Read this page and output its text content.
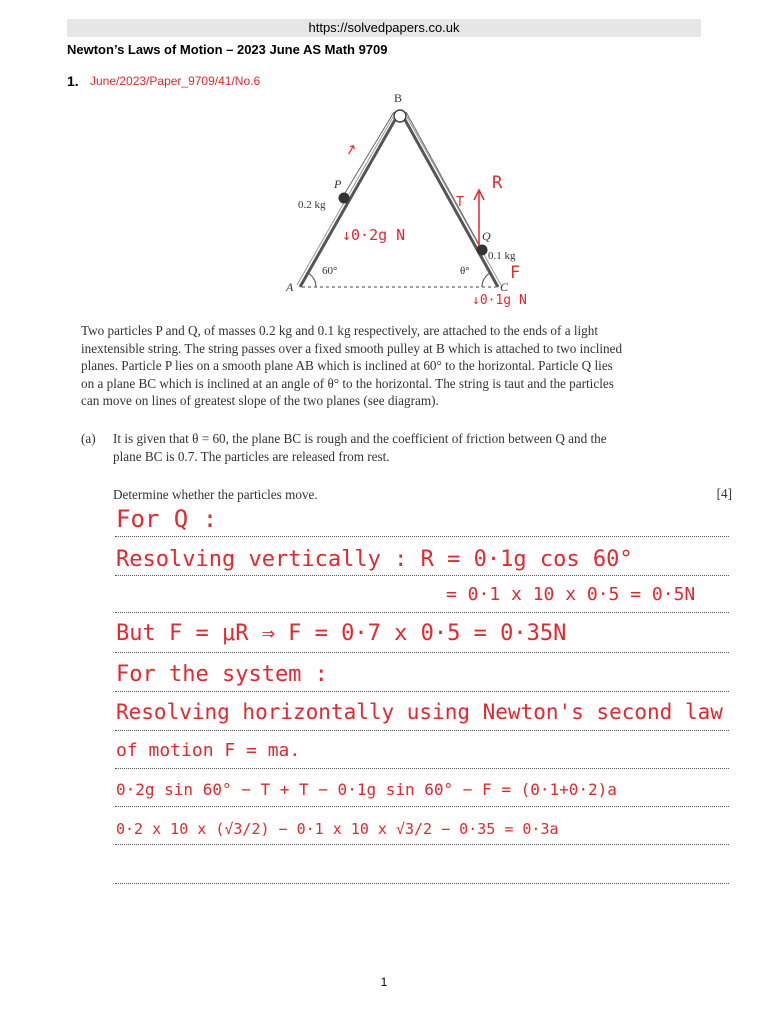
https://solvedpapers.co.uk
Newton’s Laws of Motion – 2023 June AS Math 9709
1. June/2023/Paper_9709/41/No.6
B
P
0.2 kg
Q
0.1 kg
A	C
60°	θ°
↑
↓0·2g N
T
R
F
↓0·1g N
Two particles P and Q, of masses 0.2 kg and 0.1 kg respectively, are attached to the ends of a light
inextensible string. The string passes over a fixed smooth pulley at B which is attached to two inclined
planes. Particle P lies on a smooth plane AB which is inclined at 60° to the horizontal. Particle Q lies
on a plane BC which is inclined at an angle of θ° to the horizontal. The string is taut and the particles
can move on lines of greatest slope of the two planes (see diagram).
(a) It is given that θ = 60, the plane BC is rough and the coefficient of friction between Q and the
plane BC is 0.7. The particles are released from rest.
Determine whether the particles move.	[4]
For Q :
Resolving vertically : R = 0·1g cos 60°
= 0·1 x 10 x 0·5 = 0·5N
But F = μR ⇒ F = 0·7 x 0·5 = 0·35N
For the system :
Resolving horizontally using Newton's second law
of motion F = ma.
0·2g sin 60° − T + T − 0·1g sin 60° − F = (0·1+0·2)a
0·2 x 10 x (√3/2) − 0·1 x 10 x √3/2 − 0·35 = 0·3a
1
